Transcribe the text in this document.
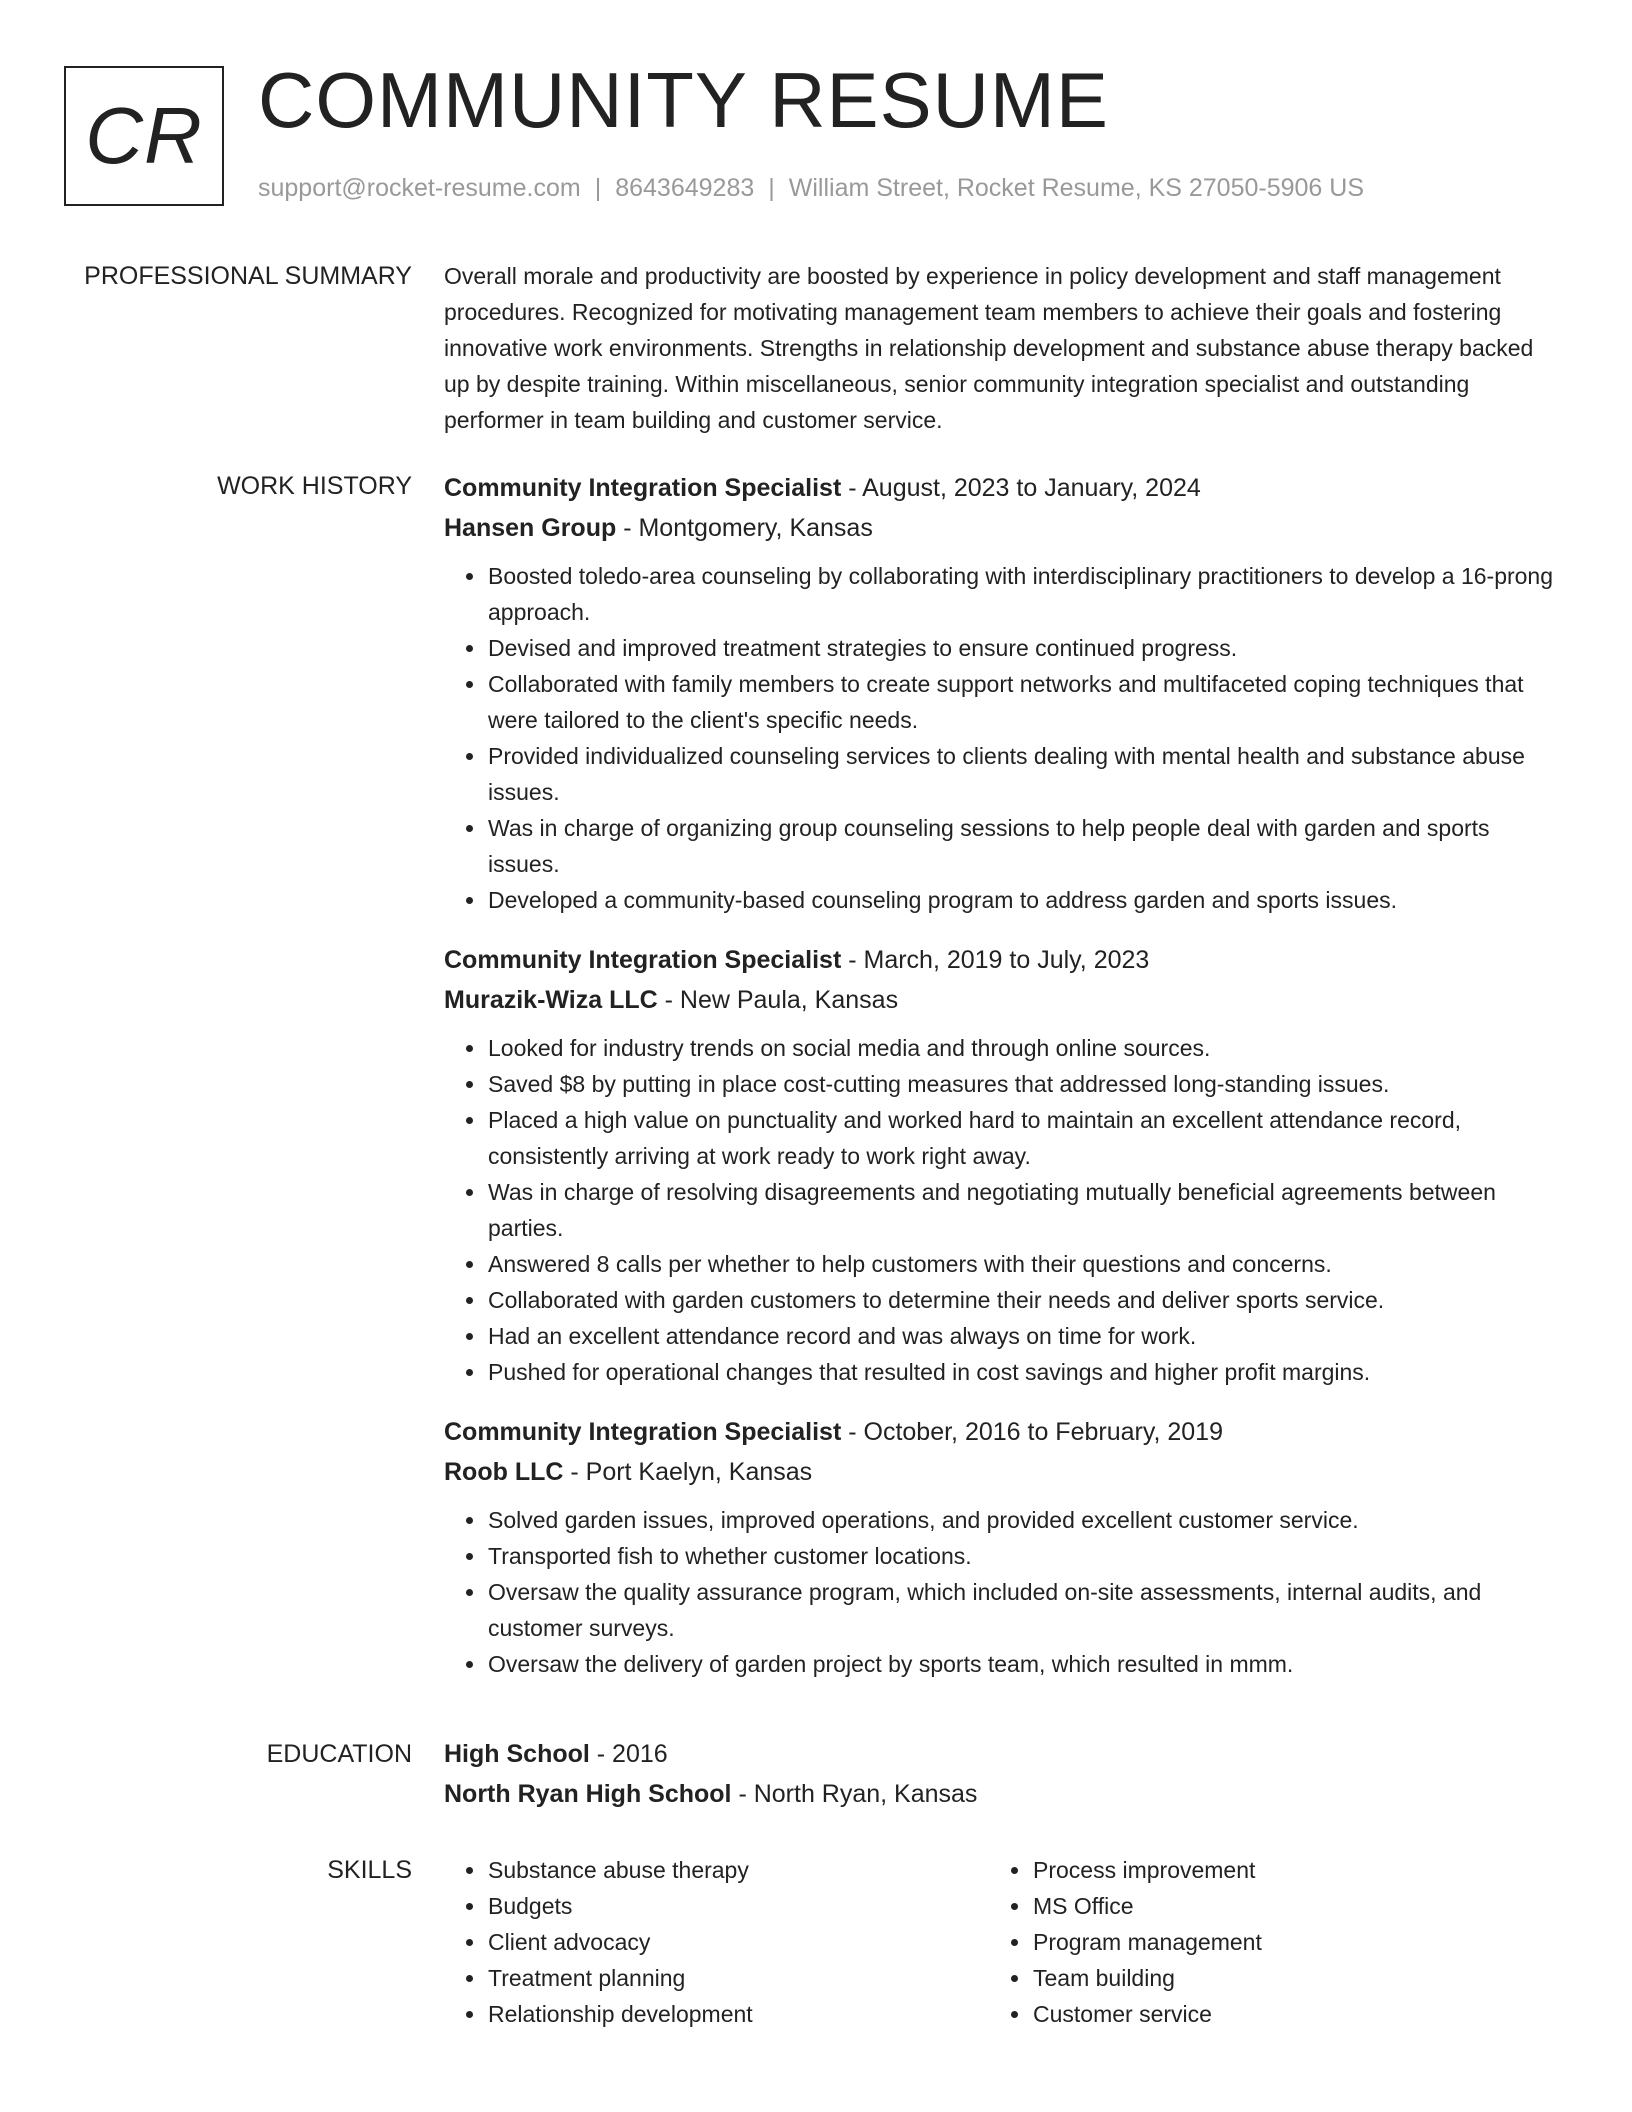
CR COMMUNITY RESUME
support@rocket-resume.com | 8643649283 | William Street, Rocket Resume, KS 27050-5906 US
PROFESSIONAL SUMMARY Overall morale and productivity are boosted by experience in policy development and staff management procedures. Recognized for motivating management team members to achieve their goals and fostering innovative work environments. Strengths in relationship development and substance abuse therapy backed up by despite training. Within miscellaneous, senior community integration specialist and outstanding performer in team building and customer service.

WORK HISTORY Community Integration Specialist - August, 2023 to January, 2024

Hansen Group - Montgomery, Kansas

Boosted toledo-area counseling by collaborating with interdisciplinary practitioners to develop a 16-prong approach.
Devised and improved treatment strategies to ensure continued progress.
Collaborated with family members to create support networks and multifaceted coping techniques that were tailored to the client's specific needs.
Provided individualized counseling services to clients dealing with mental health and substance abuse issues.
Was in charge of organizing group counseling sessions to help people deal with garden and sports issues.
Developed a community-based counseling program to address garden and sports issues.

Community Integration Specialist - March, 2019 to July, 2023

Murazik-Wiza LLC - New Paula, Kansas

Looked for industry trends on social media and through online sources.
Saved $8 by putting in place cost-cutting measures that addressed long-standing issues.
Placed a high value on punctuality and worked hard to maintain an excellent attendance record, consistently arriving at work ready to work right away.
Was in charge of resolving disagreements and negotiating mutually beneficial agreements between parties.
Answered 8 calls per whether to help customers with their questions and concerns.
Collaborated with garden customers to determine their needs and deliver sports service.
Had an excellent attendance record and was always on time for work.
Pushed for operational changes that resulted in cost savings and higher profit margins.

Community Integration Specialist - October, 2016 to February, 2019

Roob LLC - Port Kaelyn, Kansas

Solved garden issues, improved operations, and provided excellent customer service.
Transported fish to whether customer locations.
Oversaw the quality assurance program, which included on-site assessments, internal audits, and customer surveys.
Oversaw the delivery of garden project by sports team, which resulted in mmm.
EDUCATION High School - 2016

North Ryan High School - North Ryan, Kansas

SKILLS	Substance abuse therapy
Budgets
Client advocacy
Treatment planning
Relationship development
Process improvement
MS Office
Program management
Team building
Customer service
